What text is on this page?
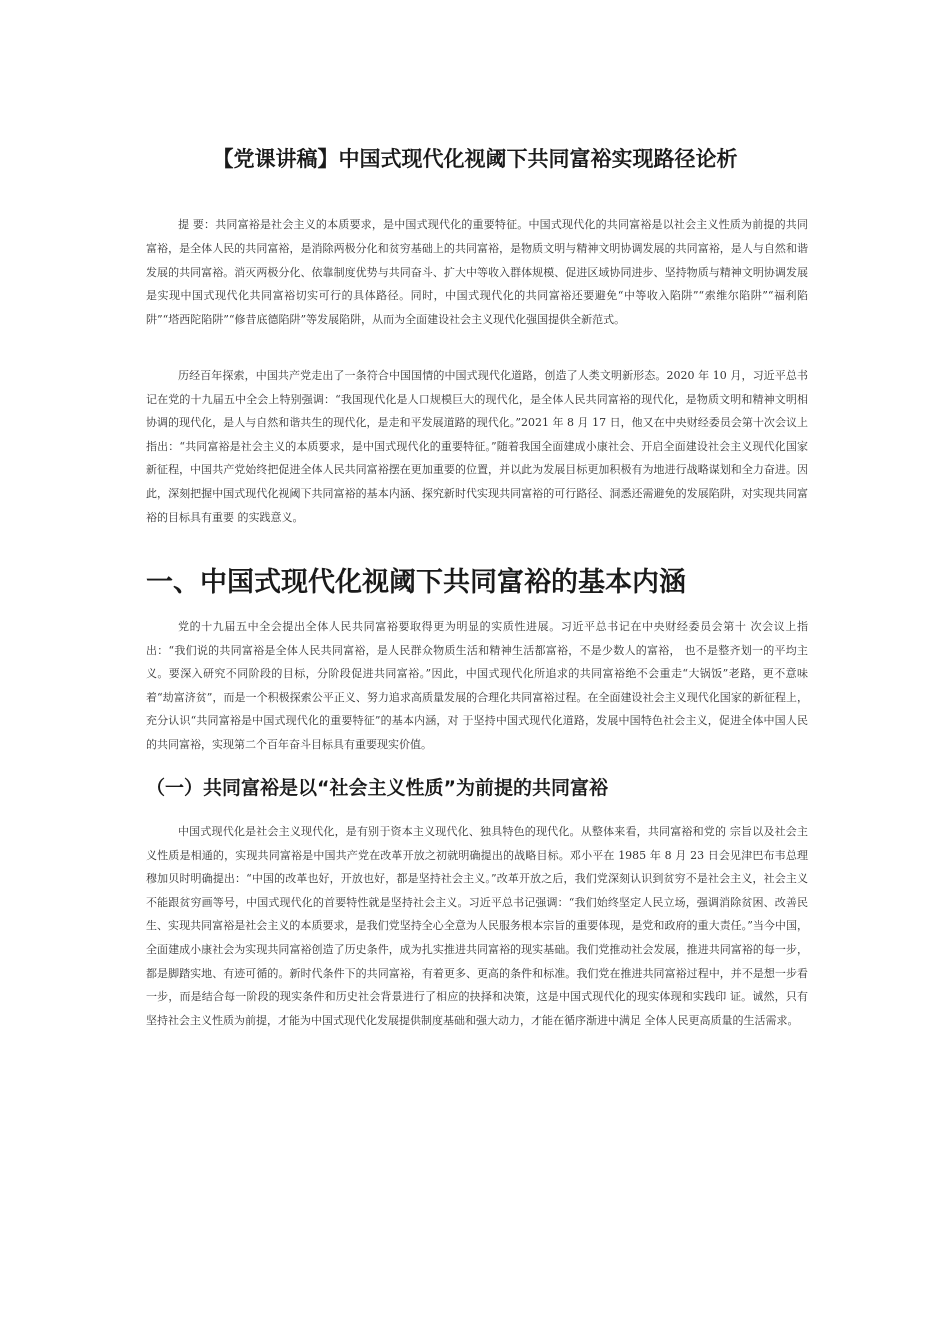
【党课讲稿】中国式现代化视阈下共同富裕实现路径论析

提 要：共同富裕是社会主义的本质要求，是中国式现代化的重要特征。中国式现代化的共同富裕是以社会主义性质为前提的共同富裕，是全体人民的共同富裕，是消除两极分化和贫穷基础上的共同富裕，是物质文明与精神文明协调发展的共同富裕，是人与自然和谐发展的共同富裕。消灭两极分化、依靠制度优势与共同奋斗、扩大中等收入群体规模、促进区域协同进步、坚持物质与精神文明协调发展是实现中国式现代化共同富裕切实可行的具体路径。同时，中国式现代化的共同富裕还要避免“中等收入陷阱”“索维尔陷阱”“福利陷阱”“塔西陀陷阱”“修昔底德陷阱”等发展陷阱，从而为全面建设社会主义现代化强国提供全新范式。

历经百年探索，中国共产党走出了一条符合中国国情的中国式现代化道路，创造了人类文明新形态。2020 年 10 月，习近平总书记在党的十九届五中全会上特别强调：“我国现代化是人口规模巨大的现代化，是全体人民共同富裕的现代化，是物质文明和精神文明相协调的现代化，是人与自然和谐共生的现代化，是走和平发展道路的现代化。”2021 年 8 月 17 日，他又在中央财经委员会第十次会议上指出：“共同富裕是社会主义的本质要求，是中国式现代化的重要特征。”随着我国全面建成小康社会、开启全面建设社会主义现代化国家新征程，中国共产党始终把促进全体人民共同富裕摆在更加重要的位置，并以此为发展目标更加积极有为地进行战略谋划和全力奋进。因此，深刻把握中国式现代化视阈下共同富裕的基本内涵、探究新时代实现共同富裕的可行路径、洞悉还需避免的发展陷阱，对实现共同富裕的目标具有重要 的实践意义。

一、中国式现代化视阈下共同富裕的基本内涵

党的十九届五中全会提出全体人民共同富裕要取得更为明显的实质性进展。习近平总书记在中央财经委员会第十 次会议上指出：“我们说的共同富裕是全体人民共同富裕，是人民群众物质生活和精神生活都富裕，不是少数人的富裕， 也不是整齐划一的平均主义。要深入研究不同阶段的目标，分阶段促进共同富裕。”因此，中国式现代化所追求的共同富裕绝不会重走“大锅饭”老路，更不意味着“劫富济贫”，而是一个积极探索公平正义、努力追求高质量发展的合理化共同富裕过程。在全面建设社会主义现代化国家的新征程上，充分认识“共同富裕是中国式现代化的重要特征”的基本内涵，对 于坚持中国式现代化道路，发展中国特色社会主义，促进全体中国人民的共同富裕，实现第二个百年奋斗目标具有重要现实价值。

（一）共同富裕是以“社会主义性质”为前提的共同富裕

中国式现代化是社会主义现代化，是有别于资本主义现代化、独具特色的现代化。从整体来看，共同富裕和党的 宗旨以及社会主义性质是相通的，实现共同富裕是中国共产党在改革开放之初就明确提出的战略目标。邓小平在 1985 年 8 月 23 日会见津巴布韦总理穆加贝时明确提出：“中国的改革也好，开放也好，都是坚持社会主义。”改革开放之后，我们党深刻认识到贫穷不是社会主义，社会主义不能跟贫穷画等号，中国式现代化的首要特性就是坚持社会主义。习近平总书记强调：“我们始终坚定人民立场，强调消除贫困、改善民生、实现共同富裕是社会主义的本质要求，是我们党坚持全心全意为人民服务根本宗旨的重要体现，是党和政府的重大责任。”当今中国，全面建成小康社会为实现共同富裕创造了历史条件，成为扎实推进共同富裕的现实基础。我们党推动社会发展，推进共同富裕的每一步，都是脚踏实地、有迹可循的。新时代条件下的共同富裕，有着更多、更高的条件和标准。我们党在推进共同富裕过程中，并不是想一步看 一步，而是结合每一阶段的现实条件和历史社会背景进行了相应的抉择和决策，这是中国式现代化的现实体现和实践印 证。诚然，只有坚持社会主义性质为前提，才能为中国式现代化发展提供制度基础和强大动力，才能在循序渐进中满足 全体人民更高质量的生活需求。
